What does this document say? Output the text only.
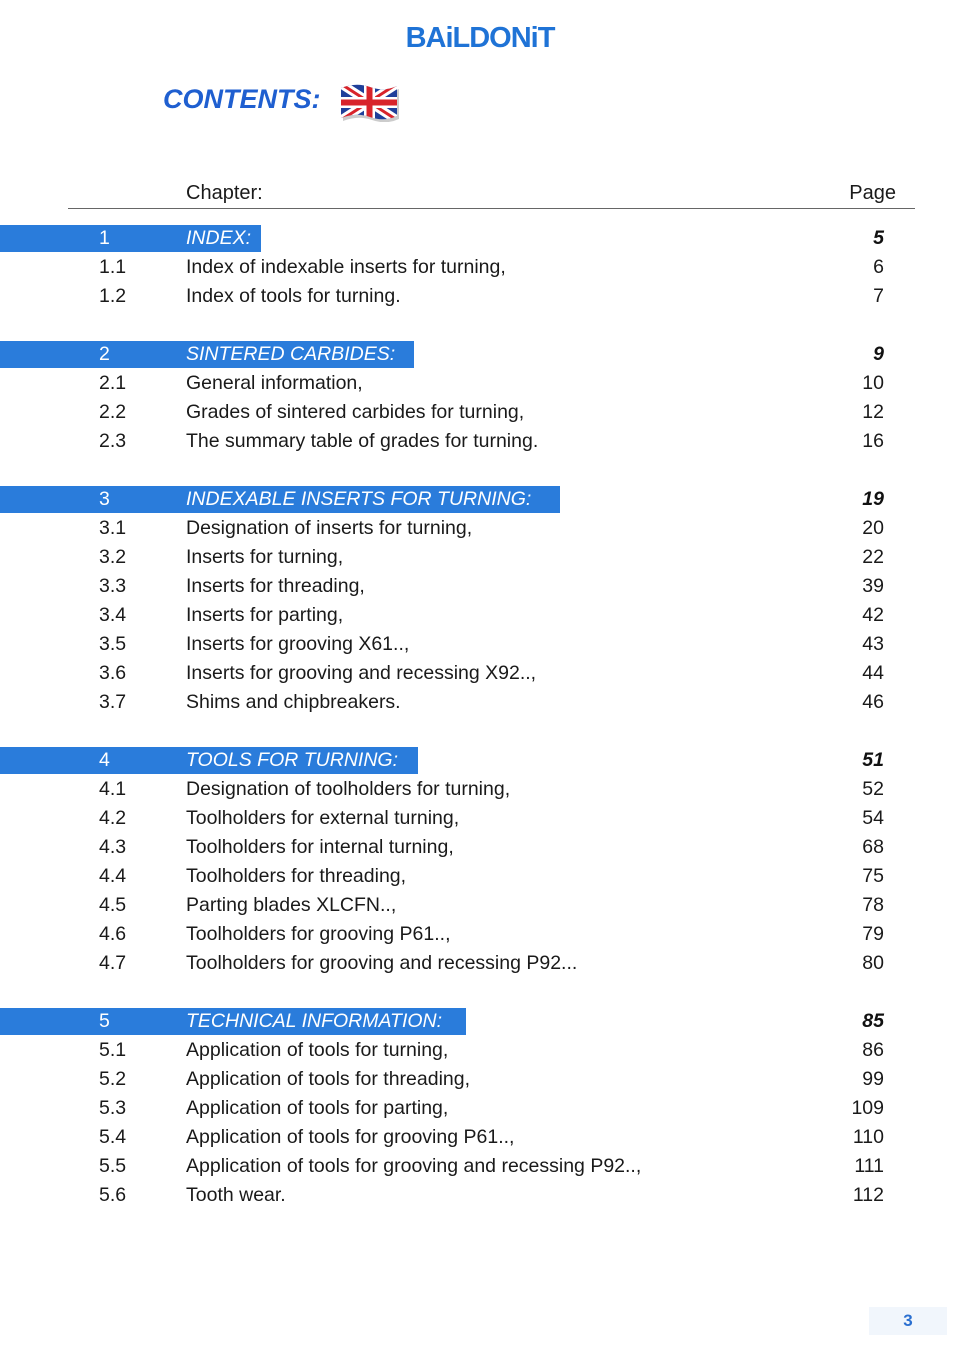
BAiLDONiT
CONTENTS:
Chapter:	Page
1	INDEX:	5
1.1	Index of indexable inserts for turning,	6
1.2	Index of tools for turning.	7
2	SINTERED CARBIDES:	9
2.1	General information,	10
2.2	Grades of sintered carbides for turning,	12
2.3	The summary table of grades for turning.	16
3	INDEXABLE INSERTS FOR TURNING:	19
3.1	Designation of inserts for turning,	20
3.2	Inserts for turning,	22
3.3	Inserts for threading,	39
3.4	Inserts for parting,	42
3.5	Inserts for grooving X61..,	43
3.6	Inserts for grooving and recessing X92..,	44
3.7	Shims and chipbreakers.	46
4	TOOLS FOR TURNING:	51
4.1	Designation of toolholders for turning,	52
4.2	Toolholders for external turning,	54
4.3	Toolholders for internal turning,	68
4.4	Toolholders for threading,	75
4.5	Parting blades XLCFN..,	78
4.6	Toolholders for grooving P61..,	79
4.7	Toolholders for grooving and recessing P92...	80
5	TECHNICAL INFORMATION:	85
5.1	Application of tools for turning,	86
5.2	Application of tools for threading,	99
5.3	Application of tools for parting,	109
5.4	Application of tools for grooving P61..,	110
5.5	Application of tools for grooving and recessing P92..,	111
5.6	Tooth wear.	112
3
